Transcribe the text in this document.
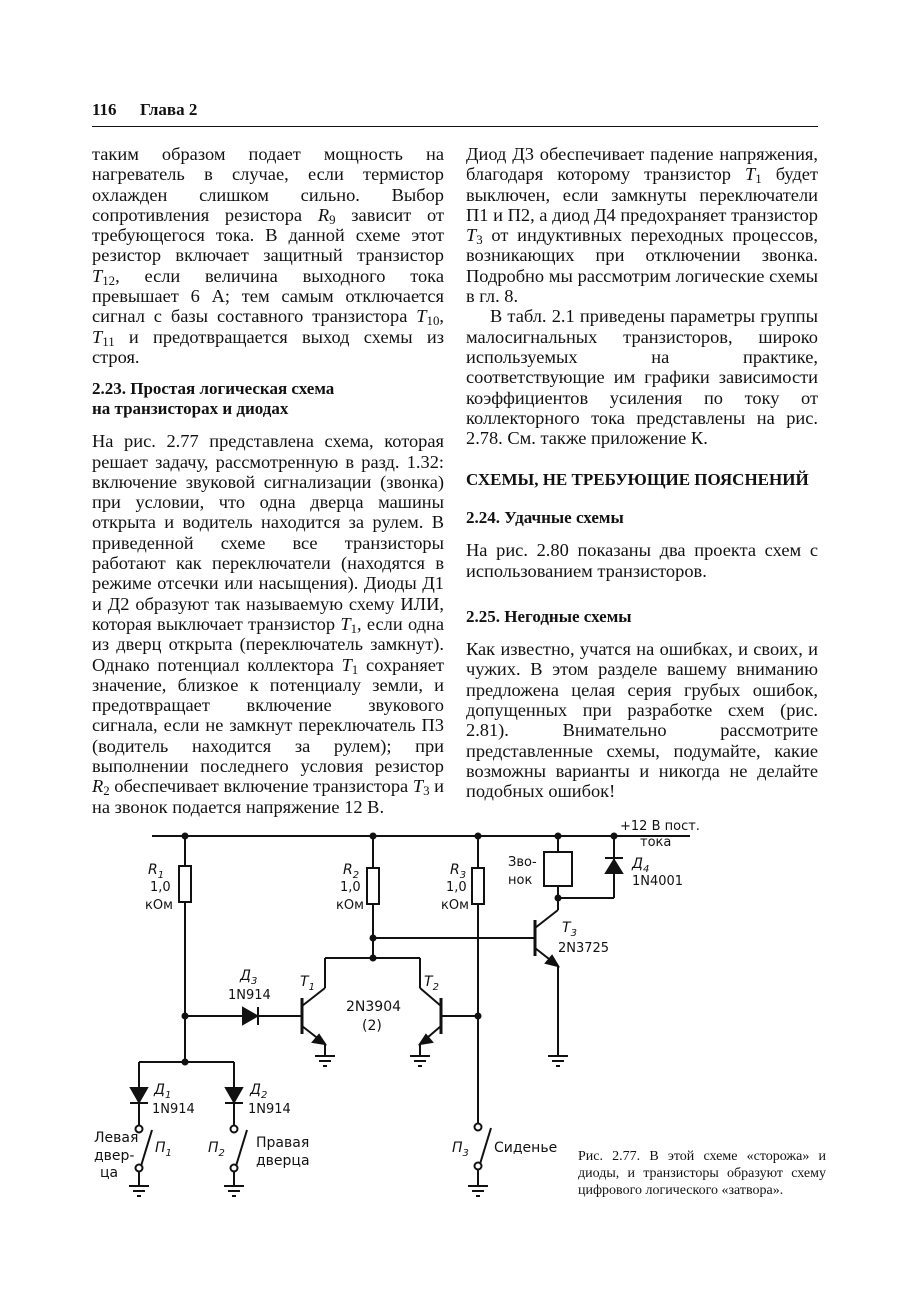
116 Глава 2

таким образом подает мощность на нагреватель в случае, если термистор охлажден слишком сильно. Выбор сопротивления резистора $R_9$ зависит от требующегося тока. В данной схеме этот резистор включает защитный транзистор $T_{12}$, если величина выходного тока превышает 6 А; тем самым отключается сигнал с базы составного транзистора $T_{10}$, $T_{11}$ и предотвращается выход схемы из строя.

2.23. Простая логическая схема
на транзисторах и диодах

На рис. 2.77 представлена схема, которая решает задачу, рассмотренную в разд. 1.32: включение звуковой сигнализации (звонка) при условии, что одна дверца машины открыта и водитель находится за рулем. В приведенной схеме все транзисторы работают как переключатели (находятся в режиме отсечки или насыщения). Диоды Д1 и Д2 образуют так называемую схему ИЛИ, которая выключает транзистор $T_1$, если одна из дверц открыта (переключатель замкнут). Однако потенциал коллектора $T_1$ сохраняет значение, близкое к потенциалу земли, и предотвращает включение звукового сигнала, если не замкнут переключатель П3 (водитель находится за рулем); при выполнении последнего условия резистор $R_2$ обеспечивает включение транзистора $T_3$ и на звонок подается напряжение 12 В.

Диод Д3 обеспечивает падение напряжения, благодаря которому транзистор $T_1$ будет выключен, если замкнуты переключатели П1 и П2, а диод Д4 предохраняет транзистор $T_3$ от индуктивных переходных процессов, возникающих при отключении звонка. Подробно мы рассмотрим логические схемы в гл. 8.

В табл. 2.1 приведены параметры группы малосигнальных транзисторов, широко используемых на практике, соответствующие им графики зависимости коэффициентов усиления по току от коллекторного тока представлены на рис. 2.78. См. также приложение К.

СХЕМЫ, НЕ ТРЕБУЮЩИЕ ПОЯСНЕНИЙ
2.24. Удачные схемы

На рис. 2.80 показаны два проекта схем с использованием транзисторов.

2.25. Негодные схемы

Как известно, учатся на ошибках, и своих, и чужих. В этом разделе вашему вниманию предложена целая серия грубых ошибок, допущенных при разработке схем (рис. 2.81). Внимательно рассмотрите представленные схемы, подумайте, какие возможны варианты и никогда не делайте подобных ошибок!

+12 В пост.
тока
$R_1$
1,0
кОм
$Д_3$
1N914
$T_1$	$T_2$
2N3904
(2)
$R_2$
1,0
кОм
$R_3$
1,0
кОм
$T_3$
2N3725
Зво-
нок
$Д_4$
1N4001
$Д_1$
1N914
$Д_2$
1N914
Левая
двер-
ца
$П_1$	$П_2$
Правая
дверца
$П_3$ Сиденье
Рис. 2.77. В этой схеме «сторожа» и диоды, и транзисторы образуют схему цифрового логического «затвора».
